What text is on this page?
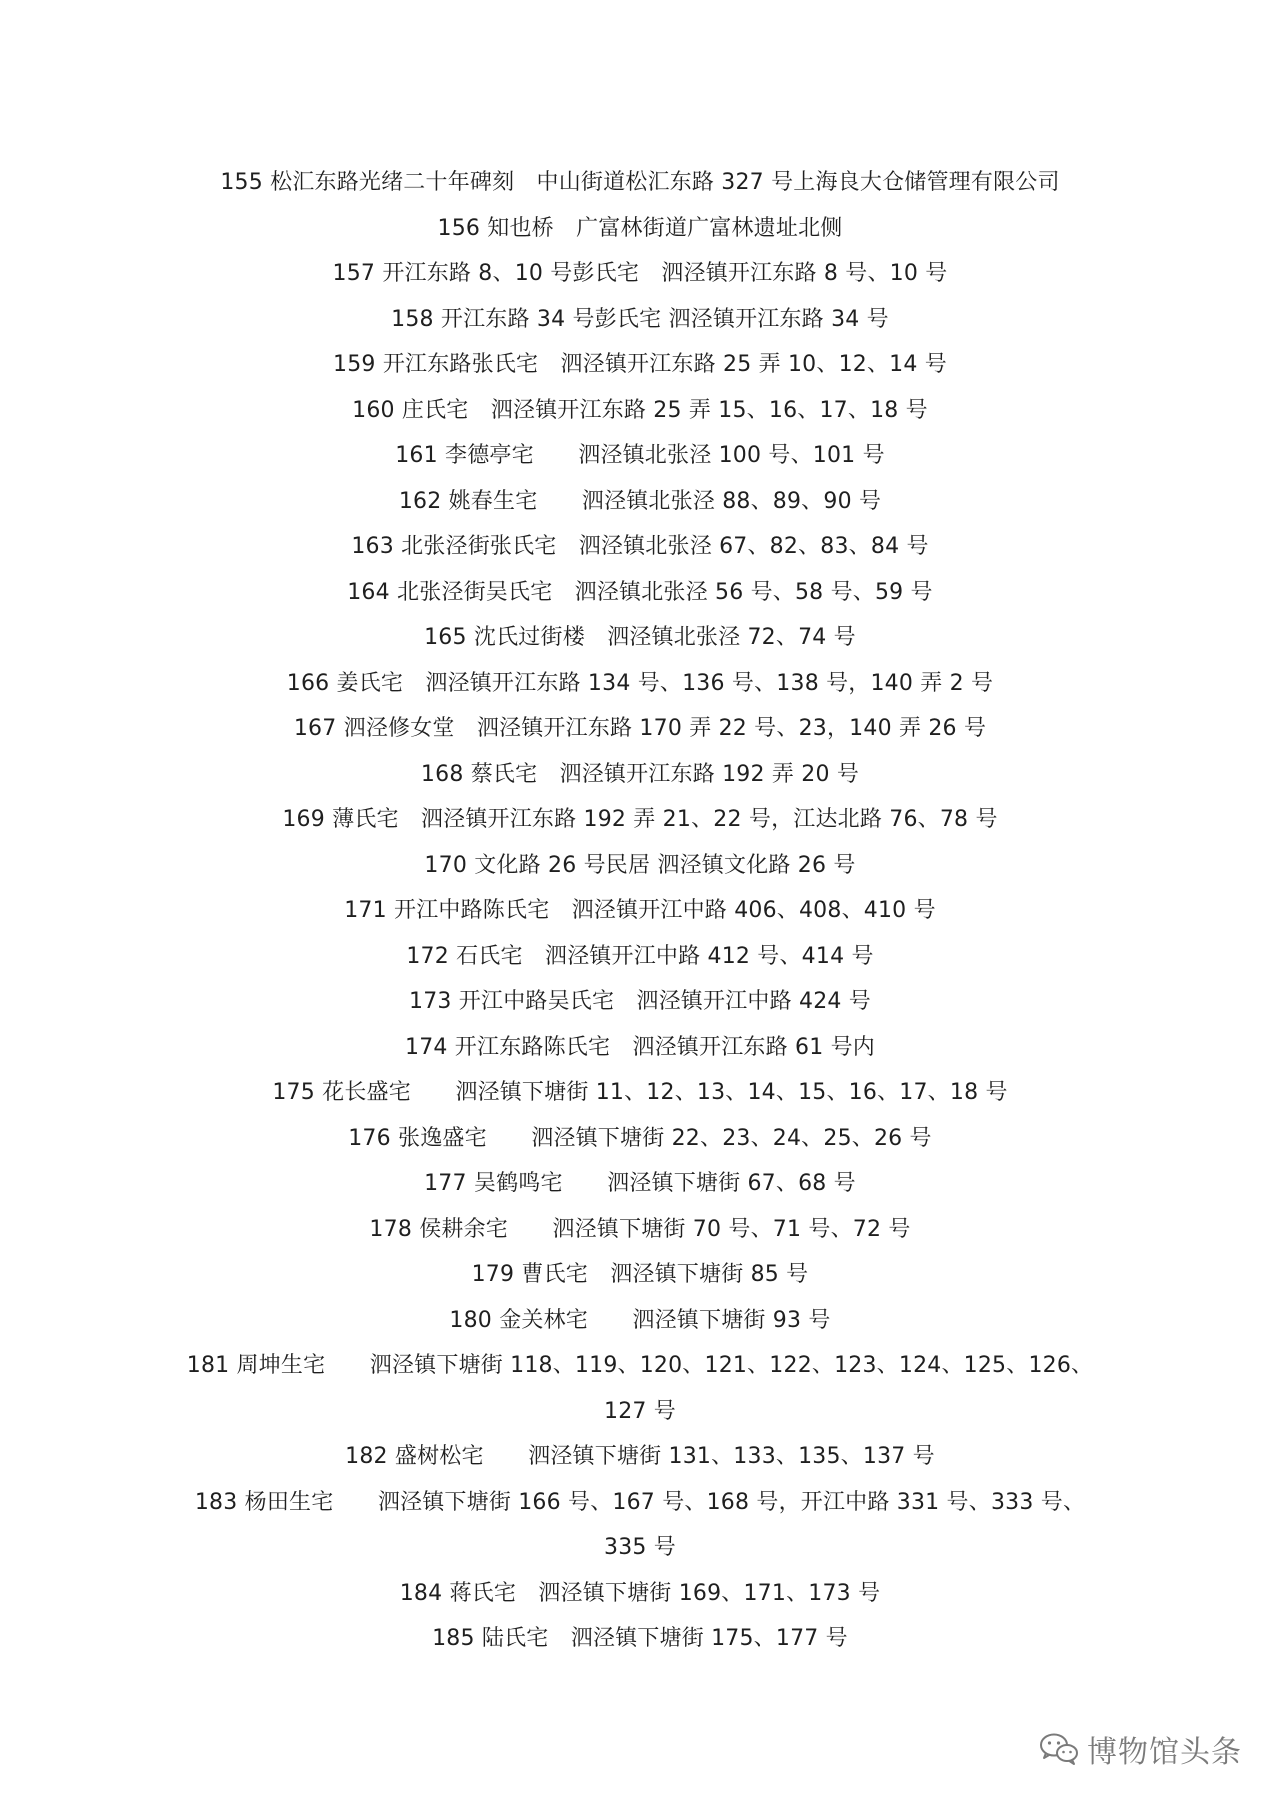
155 松汇东路光绪二十年碑刻　中山街道松汇东路 327 号上海良大仓储管理有限公司
156 知也桥　广富林街道广富林遗址北侧
157 开江东路 8、10 号彭氏宅　泗泾镇开江东路 8 号、10 号
158 开江东路 34 号彭氏宅 泗泾镇开江东路 34 号
159 开江东路张氏宅　泗泾镇开江东路 25 弄 10、12、14 号
160 庄氏宅　泗泾镇开江东路 25 弄 15、16、17、18 号
161 李德亭宅　　泗泾镇北张泾 100 号、101 号
162 姚春生宅　　泗泾镇北张泾 88、89、90 号
163 北张泾街张氏宅　泗泾镇北张泾 67、82、83、84 号
164 北张泾街吴氏宅　泗泾镇北张泾 56 号、58 号、59 号
165 沈氏过街楼　泗泾镇北张泾 72、74 号
166 姜氏宅　泗泾镇开江东路 134 号、136 号、138 号，140 弄 2 号
167 泗泾修女堂　泗泾镇开江东路 170 弄 22 号、23，140 弄 26 号
168 蔡氏宅　泗泾镇开江东路 192 弄 20 号
169 薄氏宅　泗泾镇开江东路 192 弄 21、22 号，江达北路 76、78 号
170 文化路 26 号民居 泗泾镇文化路 26 号
171 开江中路陈氏宅　泗泾镇开江中路 406、408、410 号
172 石氏宅　泗泾镇开江中路 412 号、414 号
173 开江中路吴氏宅　泗泾镇开江中路 424 号
174 开江东路陈氏宅　泗泾镇开江东路 61 号内
175 花长盛宅　　泗泾镇下塘街 11、12、13、14、15、16、17、18 号
176 张逸盛宅　　泗泾镇下塘街 22、23、24、25、26 号
177 吴鹤鸣宅　　泗泾镇下塘街 67、68 号
178 侯耕余宅　　泗泾镇下塘街 70 号、71 号、72 号
179 曹氏宅　泗泾镇下塘街 85 号
180 金关林宅　　泗泾镇下塘街 93 号
181 周坤生宅　　泗泾镇下塘街 118、119、120、121、122、123、124、125、126、127 号
182 盛树松宅　　泗泾镇下塘街 131、133、135、137 号
183 杨田生宅　　泗泾镇下塘街 166 号、167 号、168 号，开江中路 331 号、333 号、335 号
184 蒋氏宅　泗泾镇下塘街 169、171、173 号
185 陆氏宅　泗泾镇下塘街 175、177 号
博物馆头条
